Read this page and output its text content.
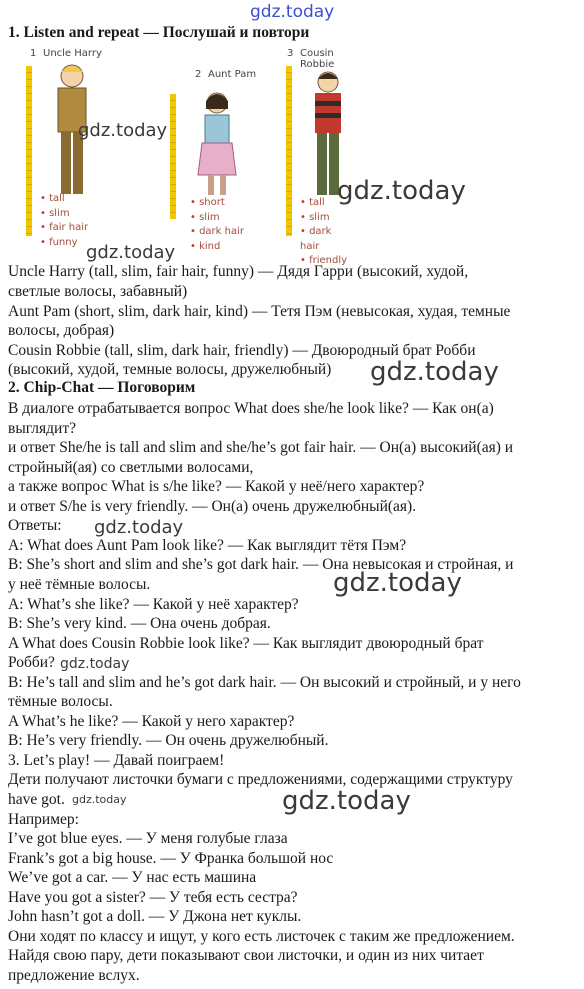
gdz.today
1. Listen and repeat — Послушай и повтори
1 Uncle Harry
• tall
• slim
• fair hair
• funny
2 Aunt Pam
• short
• slim
• dark hair
• kind
3 Cousin Robbie
• tall
• slim
• dark hair
• friendly
gdz.today
gdz.today
gdz.today
Uncle Harry (tall, slim, fair hair, funny) — Дядя Гарри (высокий, худой,
светлые волосы, забавный)
Aunt Pam (short, slim, dark hair, kind) — Тетя Пэм (невысокая, худая, темные
волосы, добрая)
Cousin Robbie (tall, slim, dark hair, friendly) — Двоюродный брат Робби
(высокий, худой, темные волосы, дружелюбный)	gdz.today
2. Chip-Chat — Поговорим
В диалоге отрабатывается вопрос What does she/he look like? — Как он(а)
выглядит?
и ответ She/he is tall and slim and she/he’s got fair hair. — Он(а) высокий(ая) и
стройный(ая) со светлыми волосами,
а также вопрос What is s/he like? — Какой у неё/него характер?
и ответ S/he is very friendly. — Он(а) очень дружелюбный(ая).
Ответы:	gdz.today
A: What does Aunt Pam look like? — Как выглядит тётя Пэм?
B: She’s short and slim and she’s got dark hair. — Она невысокая и стройная, и
у неё тёмные волосы.	gdz.today
A: What’s she like? — Какой у неё характер?
B: She’s very kind. — Она очень добрая.
A What does Cousin Robbie look like? — Как выглядит двоюродный брат
Робби? gdz.today
B: He’s tall and slim and he’s got dark hair. — Он высокий и стройный, и у него
тёмные волосы.
A What’s he like? — Какой у него характер?
B: He’s very friendly. — Он очень дружелюбный.
3. Let’s play! — Давай поиграем!
Дети получают листочки бумаги с предложениями, содержащими структуру
have got. gdz.today	gdz.today
Например:
I’ve got blue eyes. — У меня голубые глаза
Frank’s got a big house. — У Франка большой нос
We’ve got a car. — У нас есть машина
Have you got a sister? — У тебя есть сестра?
John hasn’t got a doll. — У Джона нет куклы.
Они ходят по классу и ищут, у кого есть листочек с таким же предложением.
Найдя свою пару, дети показывают свои листочки, и один из них читает
предложение вслух.
